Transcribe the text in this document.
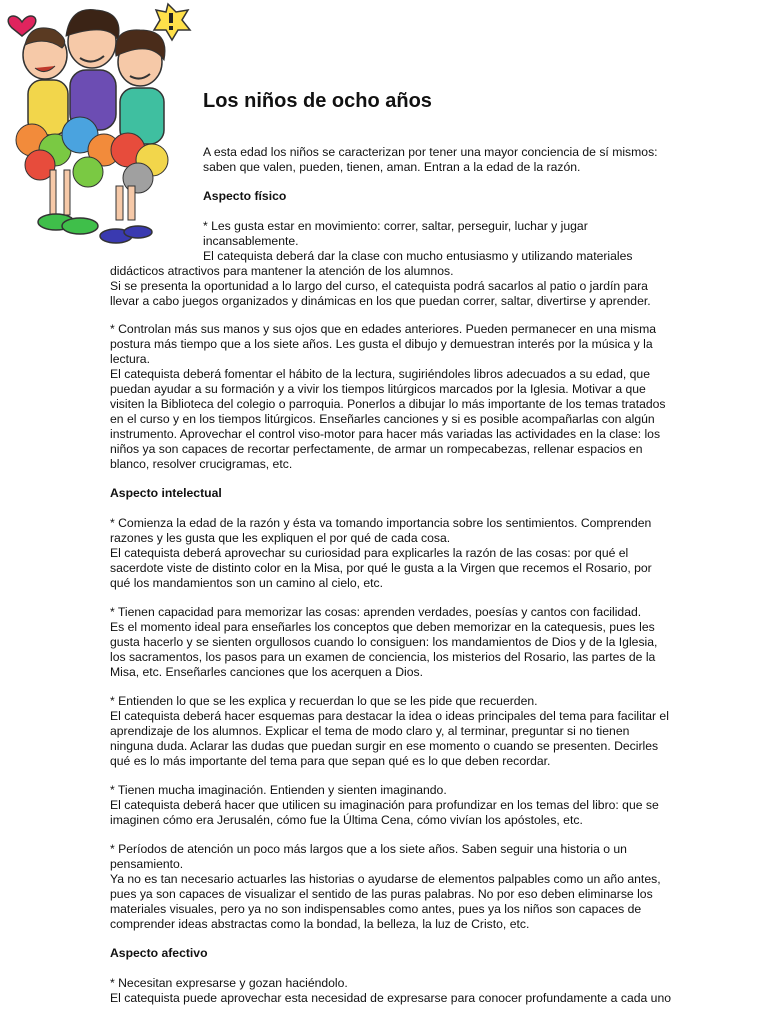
Los niños de ocho años

A esta edad los niños se caracterizan por tener una mayor conciencia de sí mismos:
saben que valen, pueden, tienen, aman. Entran a la edad de la razón.

Aspecto físico

* Les gusta estar en movimiento: correr, saltar, perseguir, luchar y jugar
incansablemente.
El catequista deberá dar la clase con mucho entusiasmo y utilizando materiales

didácticos atractivos para mantener la atención de los alumnos.
Si se presenta la oportunidad a lo largo del curso, el catequista podrá sacarlos al patio o jardín para
llevar a cabo juegos organizados y dinámicas en los que puedan correr, saltar, divertirse y aprender.

* Controlan más sus manos y sus ojos que en edades anteriores. Pueden permanecer en una misma
postura más tiempo que a los siete años. Les gusta el dibujo y demuestran interés por la música y la
lectura.
El catequista deberá fomentar el hábito de la lectura, sugiriéndoles libros adecuados a su edad, que
puedan ayudar a su formación y a vivir los tiempos litúrgicos marcados por la Iglesia. Motivar a que
visiten la Biblioteca del colegio o parroquia. Ponerlos a dibujar lo más importante de los temas tratados
en el curso y en los tiempos litúrgicos. Enseñarles canciones y si es posible acompañarlas con algún
instrumento. Aprovechar el control viso-motor para hacer más variadas las actividades en la clase: los
niños ya son capaces de recortar perfectamente, de armar un rompecabezas, rellenar espacios en
blanco, resolver crucigramas, etc.

Aspecto intelectual

* Comienza la edad de la razón y ésta va tomando importancia sobre los sentimientos. Comprenden
razones y les gusta que les expliquen el por qué de cada cosa.
El catequista deberá aprovechar su curiosidad para explicarles la razón de las cosas: por qué el
sacerdote viste de distinto color en la Misa, por qué le gusta a la Virgen que recemos el Rosario, por
qué los mandamientos son un camino al cielo, etc.

* Tienen capacidad para memorizar las cosas: aprenden verdades, poesías y cantos con facilidad.
Es el momento ideal para enseñarles los conceptos que deben memorizar en la catequesis, pues les
gusta hacerlo y se sienten orgullosos cuando lo consiguen: los mandamientos de Dios y de la Iglesia,
los sacramentos, los pasos para un examen de conciencia, los misterios del Rosario, las partes de la
Misa, etc. Enseñarles canciones que los acerquen a Dios.

* Entienden lo que se les explica y recuerdan lo que se les pide que recuerden.
El catequista deberá hacer esquemas para destacar la idea o ideas principales del tema para facilitar el
aprendizaje de los alumnos. Explicar el tema de modo claro y, al terminar, preguntar si no tienen
ninguna duda. Aclarar las dudas que puedan surgir en ese momento o cuando se presenten. Decirles
qué es lo más importante del tema para que sepan qué es lo que deben recordar.

* Tienen mucha imaginación. Entienden y sienten imaginando.
El catequista deberá hacer que utilicen su imaginación para profundizar en los temas del libro: que se
imaginen cómo era Jerusalén, cómo fue la Última Cena, cómo vivían los apóstoles, etc.

* Períodos de atención un poco más largos que a los siete años. Saben seguir una historia o un
pensamiento.
Ya no es tan necesario actuarles las historias o ayudarse de elementos palpables como un año antes,
pues ya son capaces de visualizar el sentido de las puras palabras. No por eso deben eliminarse los
materiales visuales, pero ya no son indispensables como antes, pues ya los niños son capaces de
comprender ideas abstractas como la bondad, la belleza, la luz de Cristo, etc.

Aspecto afectivo

* Necesitan expresarse y gozan haciéndolo.
El catequista puede aprovechar esta necesidad de expresarse para conocer profundamente a cada uno
